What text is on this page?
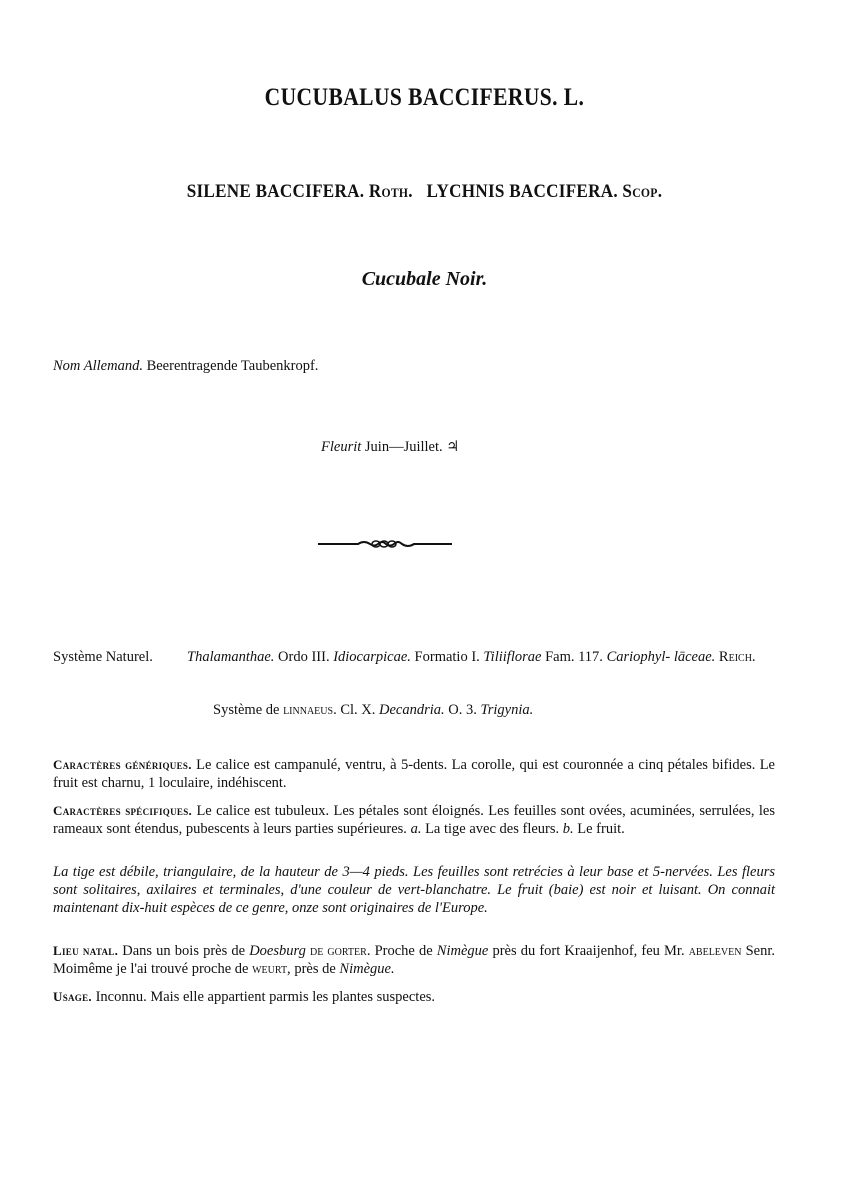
CUCUBALUS BACCIFERUS. L.
SILENE BACCIFERA. Roth. LYCHNIS BACCIFERA. Scop.
Cucubale Noir.
Nom Allemand. Beerentragende Taubenkropf.
Fleurit Juin—Juillet. ♃
Système Naturel. Thalamanthae. Ordo III. Idiocarpicae. Formatio I. Tiliiflorae Fam. 117. Cariophyl- lāceae. Reich.
Système de linnaeus. Cl. X. Decandria. O. 3. Trigynia.
Caractères génériques. Le calice est campanulé, ventru, à 5-dents. La corolle, qui est couronnée a cinq pétales bifides. Le fruit est charnu, 1 loculaire, indéhiscent.
Caractères spécifiques. Le calice est tubuleux. Les pétales sont éloignés. Les feuilles sont ovées, acuminées, serrulées, les rameaux sont étendus, pubescents à leurs parties supérieures. a. La tige avec des fleurs. b. Le fruit.
La tige est débile, triangulaire, de la hauteur de 3—4 pieds. Les feuilles sont retrécies à leur base et 5-nervées. Les fleurs sont solitaires, axilaires et terminales, d'une couleur de vert-blanchatre. Le fruit (baie) est noir et luisant. On connait maintenant dix-huit espèces de ce genre, onze sont originaires de l'Europe.
Lieu natal. Dans un bois près de Doesburg de gorter. Proche de Nimègue près du fort Kraaijenhof, feu Mr. abeleven Senr. Moimême je l'ai trouvé proche de weurt, près de Nimègue.
Usage. Inconnu. Mais elle appartient parmis les plantes suspectes.
